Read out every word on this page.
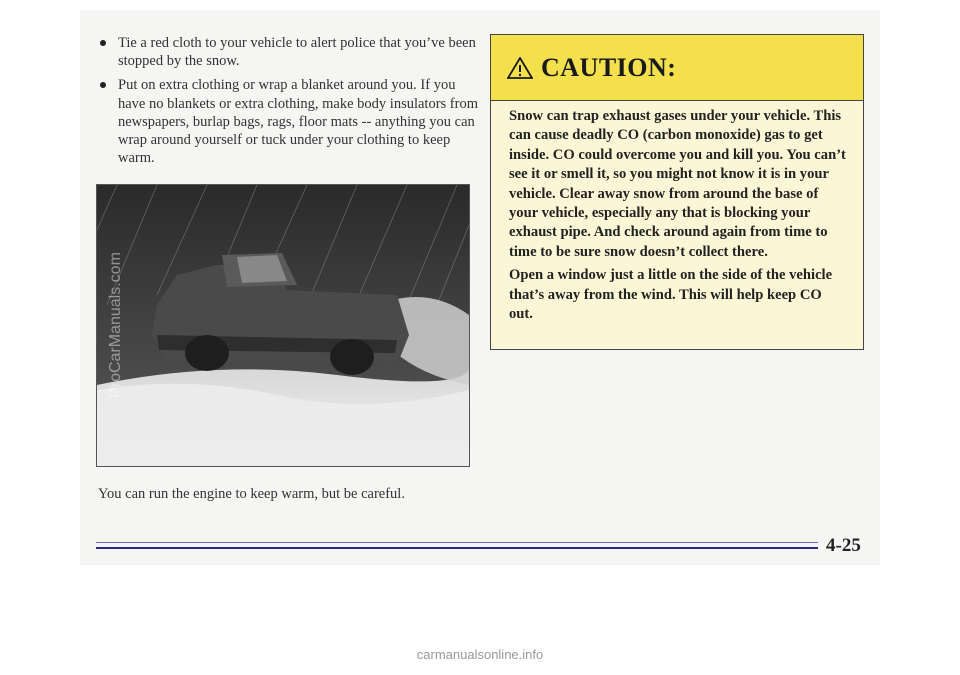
Tie a red cloth to your vehicle to alert police that you’ve been stopped by the snow.
Put on extra clothing or wrap a blanket around you. If you have no blankets or extra clothing, make body insulators from newspapers, burlap bags, rags, floor mats -- anything you can wrap around yourself or tuck under your clothing to keep warm.
ProCarManuals.com

You can run the engine to keep warm, but be careful.

CAUTION:

Snow can trap exhaust gases under your vehicle. This can cause deadly CO (carbon monoxide) gas to get inside. CO could overcome you and kill you. You can’t see it or smell it, so you might not know it is in your vehicle. Clear away snow from around the base of your vehicle, especially any that is blocking your exhaust pipe. And check around again from time to time to be sure snow doesn’t collect there.

Open a window just a little on the side of the vehicle that’s away from the wind. This will help keep CO out.

4-25
carmanualsonline.info
